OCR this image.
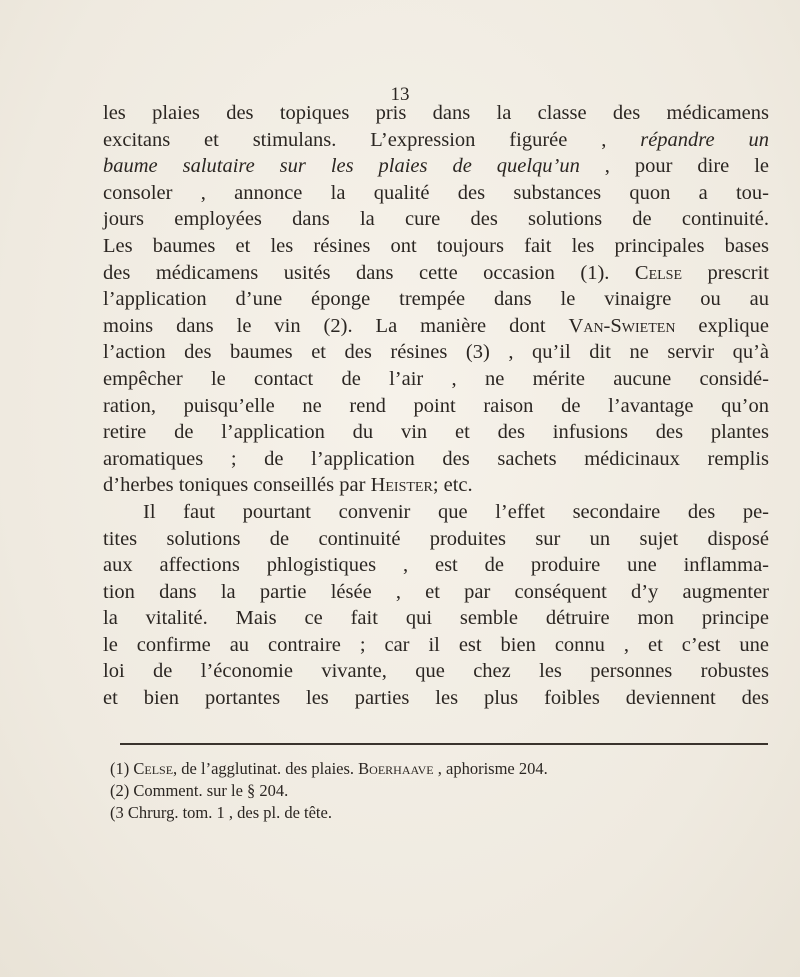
13
les plaies des topiques pris dans la classe des médicamens
excitans et stimulans. L’expression figurée , répandre un
baume salutaire sur les plaies de quelqu’un , pour dire le
consoler , annonce la qualité des substances quon a tou-
jours employées dans la cure des solutions de continuité.
Les baumes et les résines ont toujours fait les principales bases
des médicamens usités dans cette occasion (1). Celse prescrit
l’application d’une éponge trempée dans le vinaigre ou au
moins dans le vin (2). La manière dont Van-Swieten explique
l’action des baumes et des résines (3) , qu’il dit ne servir qu’à
empêcher le contact de l’air , ne mérite aucune considé-
ration, puisqu’elle ne rend point raison de l’avantage qu’on
retire de l’application du vin et des infusions des plantes
aromatiques ; de l’application des sachets médicinaux remplis
d’herbes toniques conseillés par Heister; etc.
Il faut pourtant convenir que l’effet secondaire des pe-
tites solutions de continuité produites sur un sujet disposé
aux affections phlogistiques , est de produire une inflamma-
tion dans la partie lésée , et par conséquent d’y augmenter
la vitalité. Mais ce fait qui semble détruire mon principe
le confirme au contraire ; car il est bien connu , et c’est une
loi de l’économie vivante, que chez les personnes robustes
et bien portantes les parties les plus foibles deviennent des
(1) Celse, de l’agglutinat. des plaies. Boerhaave , aphorisme 204.
(2) Comment. sur le § 204.
(3 Chrurg. tom. 1 , des pl. de tête.
